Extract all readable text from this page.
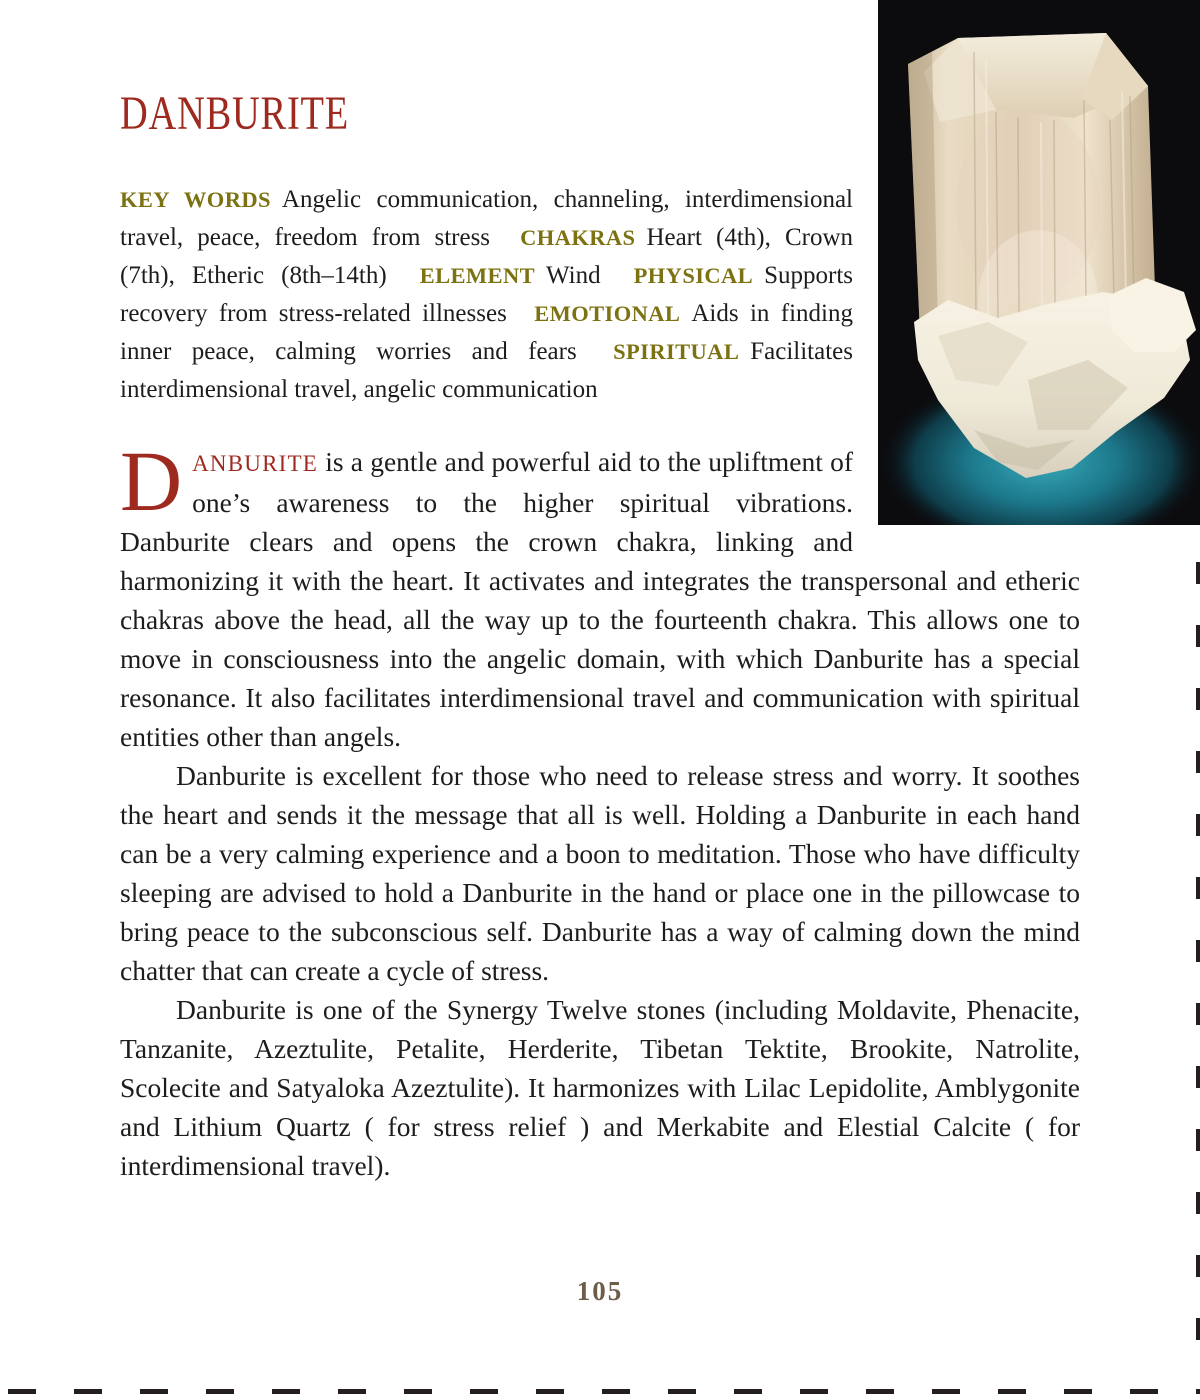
DANBURITE

KEY WORDS Angelic communication, channeling, interdimensional travel, peace, freedom from stress CHAKRAS Heart (4th), Crown (7th), Etheric (8th–14th) ELEMENT Wind PHYSICAL Supports recovery from stress-related illnesses EMOTIONAL Aids in finding inner peace, calming worries and fears SPIRITUAL Facilitates interdimensional travel, angelic communication

DANBURITE is a gentle and powerful aid to the upliftment of one’s awareness to the higher spiritual vibrations. Danburite clears and opens the crown chakra, linking and harmonizing it with the heart. It activates and integrates the transpersonal and etheric chakras above the head, all the way up to the fourteenth chakra. This allows one to move in consciousness into the angelic domain, with which Danburite has a special resonance. It also facilitates interdimensional travel and communication with spiritual entities other than angels.

Danburite is excellent for those who need to release stress and worry. It soothes the heart and sends it the message that all is well. Holding a Danburite in each hand can be a very calming experience and a boon to meditation. Those who have difficulty sleeping are advised to hold a Danburite in the hand or place one in the pillowcase to bring peace to the subconscious self. Danburite has a way of calming down the mind chatter that can create a cycle of stress.

Danburite is one of the Synergy Twelve stones (including Moldavite, Phenacite, Tanzanite, Azeztulite, Petalite, Herderite, Tibetan Tektite, Brookite, Natrolite, Scolecite and Satyaloka Azeztulite). It harmonizes with Lilac Lepidolite, Amblygonite and Lithium Quartz ( for stress relief ) and Merkabite and Elestial Calcite ( for interdimensional travel).

105
